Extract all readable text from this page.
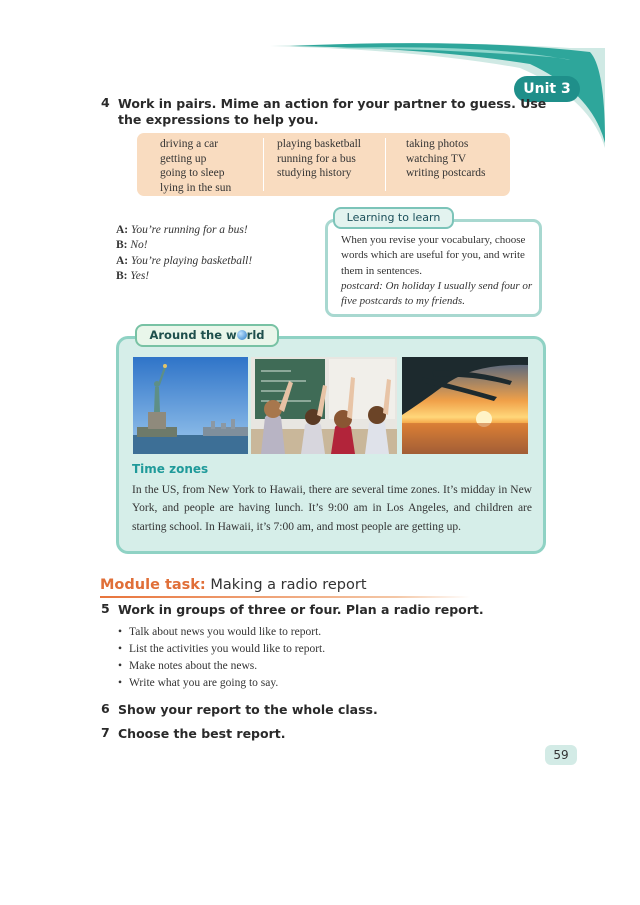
Unit 3
4 Work in pairs. Mime an action for your partner to guess. Use
the expressions to help you.
driving a car
getting up
going to sleep
lying in the sun
playing basketball
running for a bus
studying history
taking photos
watching TV
writing postcards
A: You’re running for a bus!
B: No!
A: You’re playing basketball!
B: Yes!
Learning to learn
When you revise your vocabulary, choose words which are useful for you, and write them in sentences.
postcard: On holiday I usually send four or five postcards to my friends.
Around the w rld
Time zones
In the US, from New York to Hawaii, there are several time zones. It’s midday in New York, and people are having lunch. It’s 9:00 am in Los Angeles, and children are starting school. In Hawaii, it’s 7:00 am, and most people are getting up.
Module task: Making a radio report
5 Work in groups of three or four. Plan a radio report.
• Talk about news you would like to report.
• List the activities you would like to report.
• Make notes about the news.
• Write what you are going to say.
6 Show your report to the whole class.
7 Choose the best report.
59
